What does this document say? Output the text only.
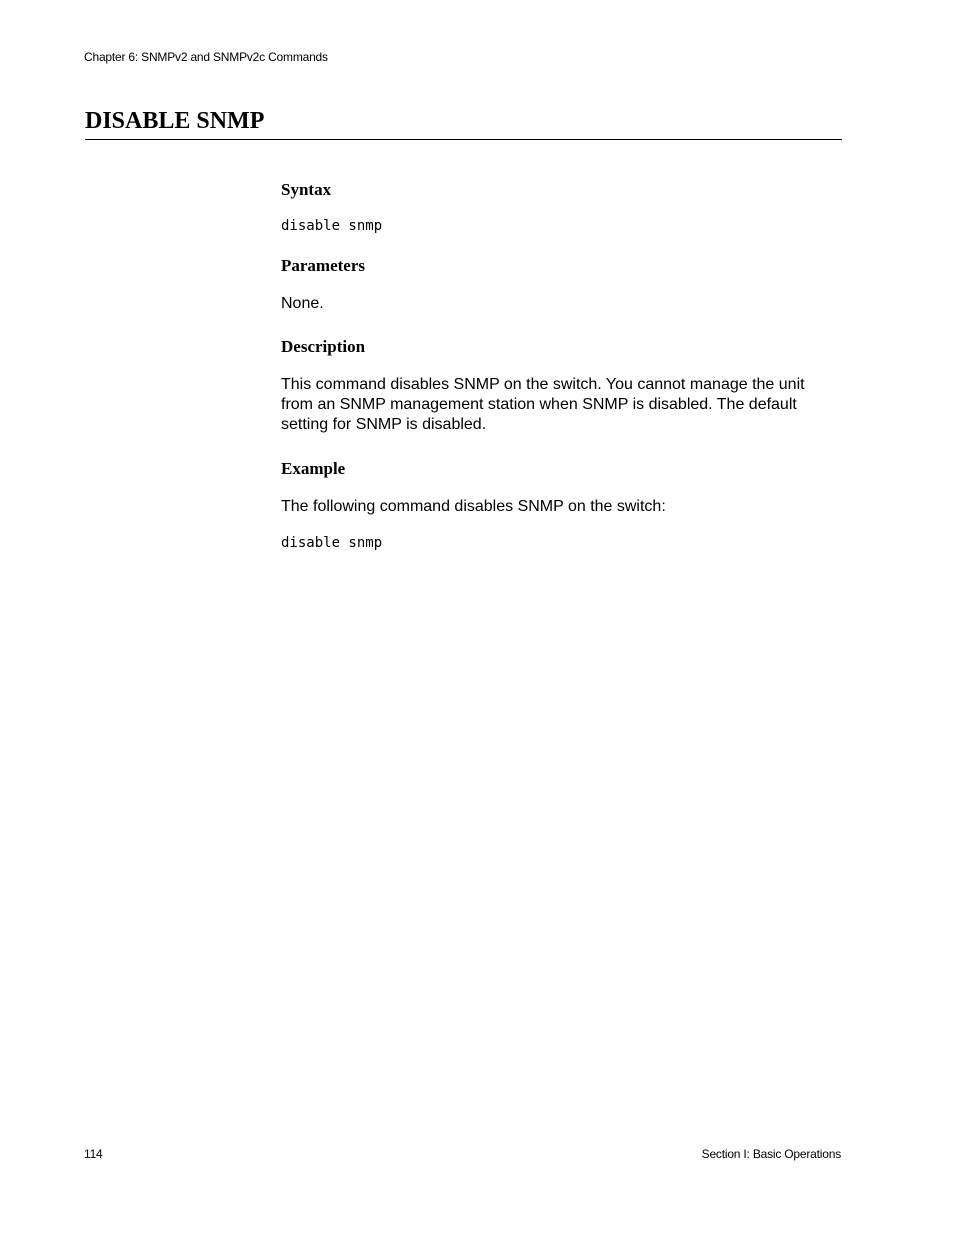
Chapter 6: SNMPv2 and SNMPv2c Commands
DISABLE SNMP
Syntax
disable snmp
Parameters

None.

Description

This command disables SNMP on the switch. You cannot manage the unit
from an SNMP management station when SNMP is disabled. The default
setting for SNMP is disabled.

Example

The following command disables SNMP on the switch:

disable snmp
114	Section I: Basic Operations
